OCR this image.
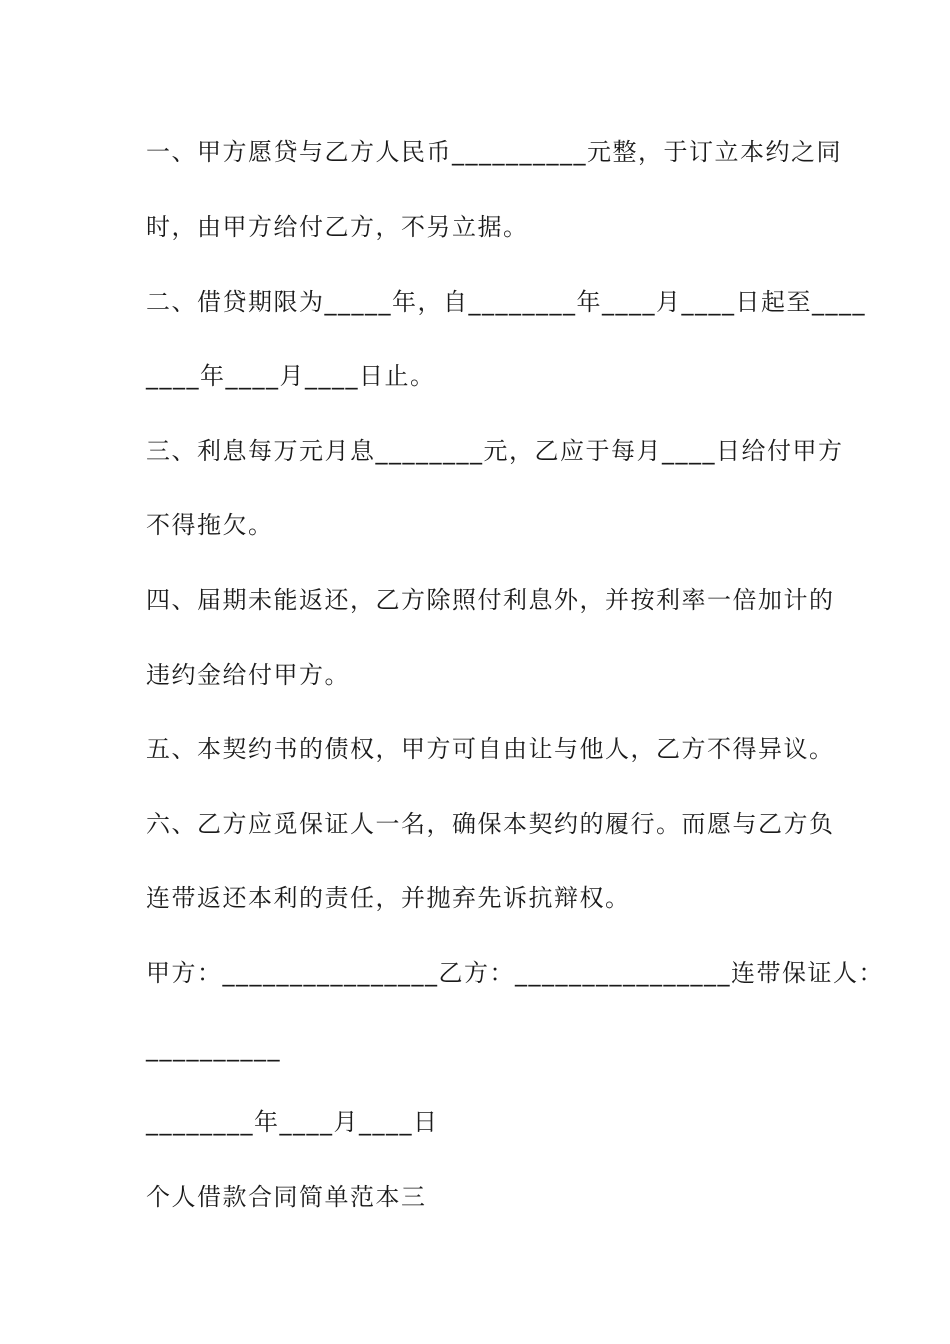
一、甲方愿贷与乙方人民币__________元整，于订立本约之同
时，由甲方给付乙方，不另立据。
二、借贷期限为_____年，自________年____月____日起至____
____年____月____日止。
三、利息每万元月息________元，乙应于每月____日给付甲方
不得拖欠。
四、届期未能返还，乙方除照付利息外，并按利率一倍加计的
违约金给付甲方。
五、本契约书的债权，甲方可自由让与他人，乙方不得异议。
六、乙方应觅保证人一名，确保本契约的履行。而愿与乙方负
连带返还本利的责任，并抛弃先诉抗辩权。
甲方：________________乙方：________________连带保证人：
__________
________年____月____日
个人借款合同简单范本三
